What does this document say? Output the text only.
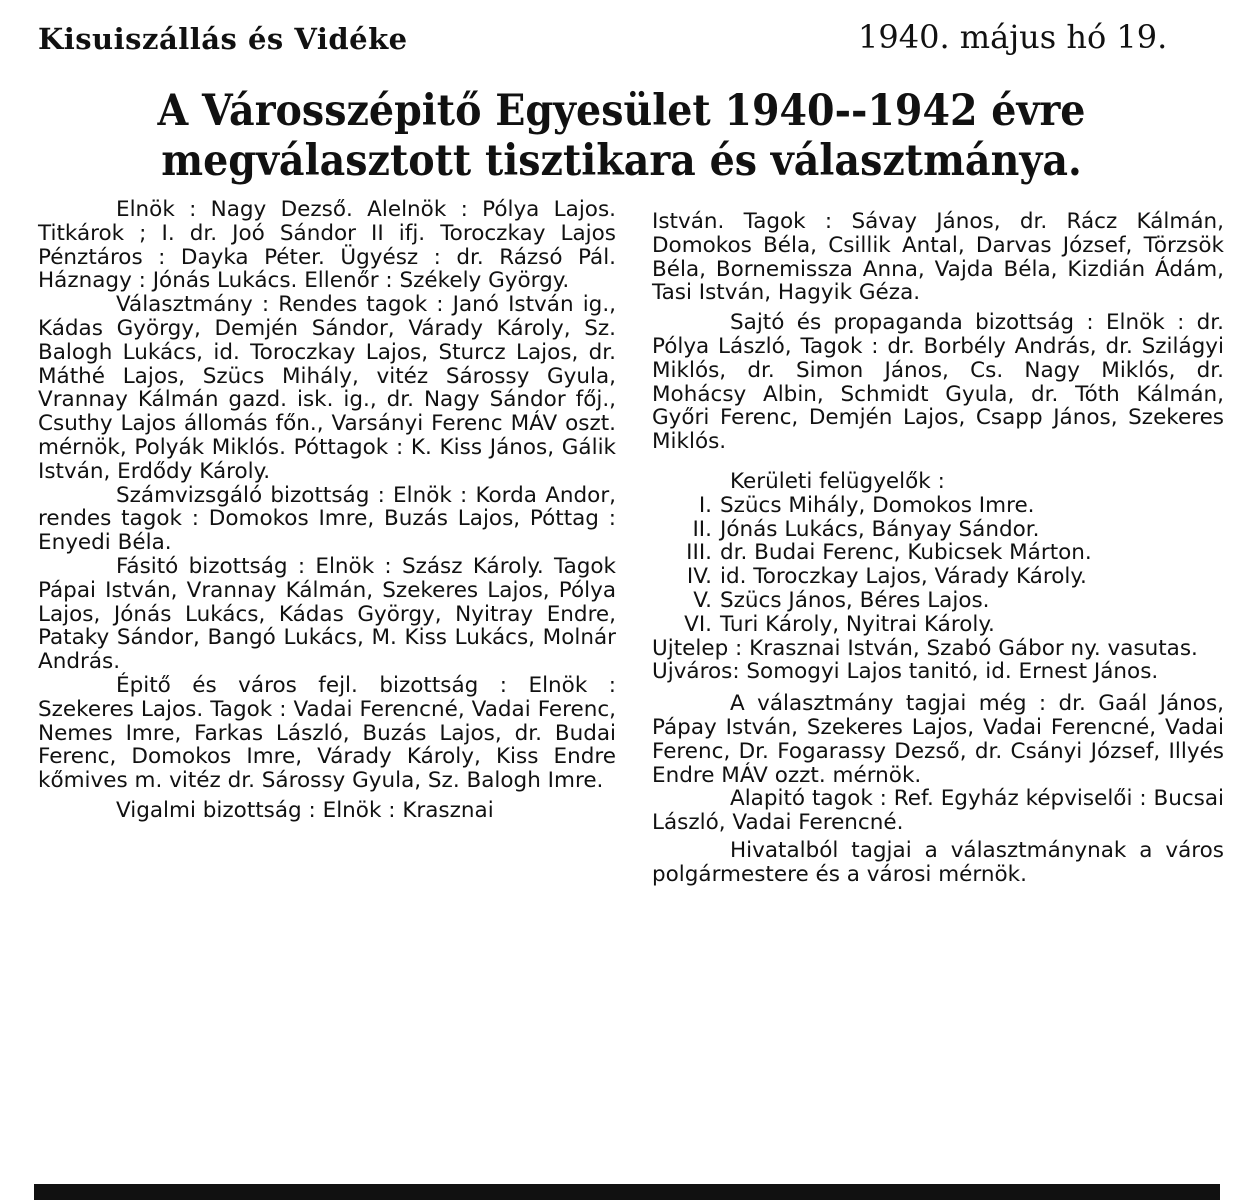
Kisuiszállás és Vidéke	1940. május hó 19.
A Városszépitő Egyesület 1940--1942 évre
megválasztott tisztikara és választmánya.

Elnök : Nagy Dezső. Alelnök : Pólya Lajos. Titkárok ; I. dr. Joó Sándor II ifj. Toroczkay Lajos Pénztáros : Dayka Péter. Ügyész : dr. Rázsó Pál. Háznagy : Jónás Lukács. Ellenőr : Székely György.

Választmány : Rendes tagok : Janó István ig., Kádas György, Demjén Sándor, Várady Károly, Sz. Balogh Lukács, id. Toroczkay Lajos, Sturcz Lajos, dr. Máthé Lajos, Szücs Mihály, vitéz Sárossy Gyula, Vrannay Kálmán gazd. isk. ig., dr. Nagy Sándor főj., Csuthy Lajos állomás főn., Varsányi Ferenc MÁV oszt. mérnök, Polyák Miklós. Póttagok : K. Kiss János, Gálik István, Erdődy Károly.

Számvizsgáló bizottság : Elnök : Korda Andor, rendes tagok : Domokos Imre, Buzás Lajos, Póttag : Enyedi Béla.

Fásitó bizottság : Elnök : Szász Károly. Tagok Pápai István, Vrannay Kálmán, Szekeres Lajos, Pólya Lajos, Jónás Lukács, Kádas György, Nyitray Endre, Pataky Sándor, Bangó Lukács, M. Kiss Lukács, Molnár András.

Épitő és város fejl. bizottság : Elnök : Szekeres Lajos. Tagok : Vadai Ferencné, Vadai Ferenc, Nemes Imre, Farkas László, Buzás Lajos, dr. Budai Ferenc, Domokos Imre, Várady Károly, Kiss Endre kőmives m. vitéz dr. Sárossy Gyula, Sz. Balogh Imre.

Vigalmi bizottság : Elnök : Krasznai

István. Tagok : Sávay János, dr. Rácz Kálmán, Domokos Béla, Csillik Antal, Darvas József, Törzsök Béla, Bornemissza Anna, Vajda Béla, Kizdián Ádám, Tasi István, Hagyik Géza.

Sajtó és propaganda bizottság : Elnök : dr. Pólya László, Tagok : dr. Borbély András, dr. Szilágyi Miklós, dr. Simon János, Cs. Nagy Miklós, dr. Mohácsy Albin, Schmidt Gyula, dr. Tóth Kálmán, Győri Ferenc, Demjén Lajos, Csapp János, Szekeres Miklós.

Kerületi felügyelők :

I. Szücs Mihály, Domokos Imre.
II. Jónás Lukács, Bányay Sándor.
III. dr. Budai Ferenc, Kubicsek Márton.
IV. id. Toroczkay Lajos, Várady Károly.
V. Szücs János, Béres Lajos.
VI. Turi Károly, Nyitrai Károly.

Ujtelep : Krasznai István, Szabó Gábor ny. vasutas.

Ujváros: Somogyi Lajos tanitó, id. Ernest János.

A választmány tagjai még : dr. Gaál János, Pápay István, Szekeres Lajos, Vadai Ferencné, Vadai Ferenc, Dr. Fogarassy Dezső, dr. Csányi József, Illyés Endre MÁV ozzt. mérnök.

Alapitó tagok : Ref. Egyház képviselői : Bucsai László, Vadai Ferencné.

Hivatalból tagjai a választmánynak a város polgármestere és a városi mérnök.
